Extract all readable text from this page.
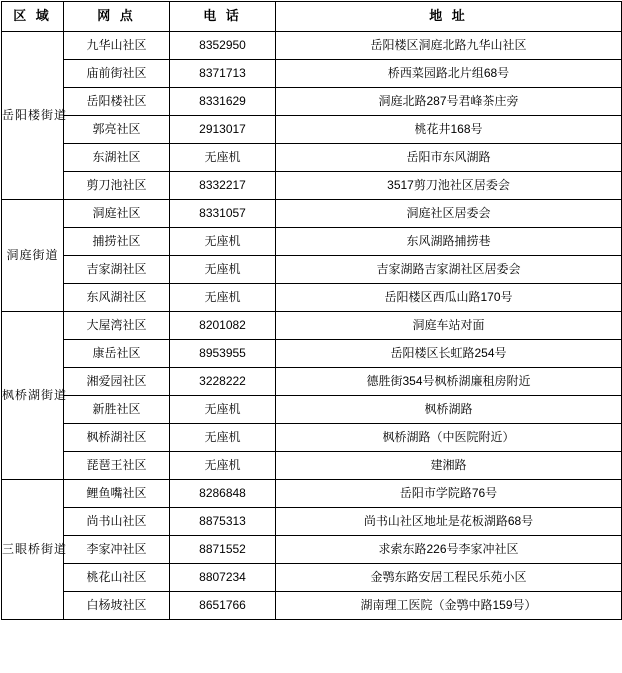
区 域	网 点	电 话	地 址
岳阳楼街道	九华山社区	8352950	岳阳楼区洞庭北路九华山社区
	庙前街社区	8371713	桥西菜园路北片组68号
	岳阳楼社区	8331629	洞庭北路287号君峰茶庄旁
	郭亮社区	2913017	桃花井168号
	东湖社区	无座机	岳阳市东风湖路
	剪刀池社区	8332217	3517剪刀池社区居委会
洞庭街道	洞庭社区	8331057	洞庭社区居委会
	捕捞社区	无座机	东风湖路捕捞巷
	吉家湖社区	无座机	吉家湖路吉家湖社区居委会
	东风湖社区	无座机	岳阳楼区西瓜山路170号
枫桥湖街道	大屋湾社区	8201082	洞庭车站对面
	康岳社区	8953955	岳阳楼区长虹路254号
	湘爱园社区	3228222	德胜街354号枫桥湖廉租房附近
	新胜社区	无座机	枫桥湖路
	枫桥湖社区	无座机	枫桥湖路（中医院附近）
	琵琶王社区	无座机	建湘路
三眼桥街道	鲤鱼嘴社区	8286848	岳阳市学院路76号
	尚书山社区	8875313	尚书山社区地址是花板湖路68号
	李家冲社区	8871552	求索东路226号李家冲社区
	桃花山社区	8807234	金鹗东路安居工程民乐苑小区
	白杨坡社区	8651766	湖南理工医院（金鹗中路159号）
